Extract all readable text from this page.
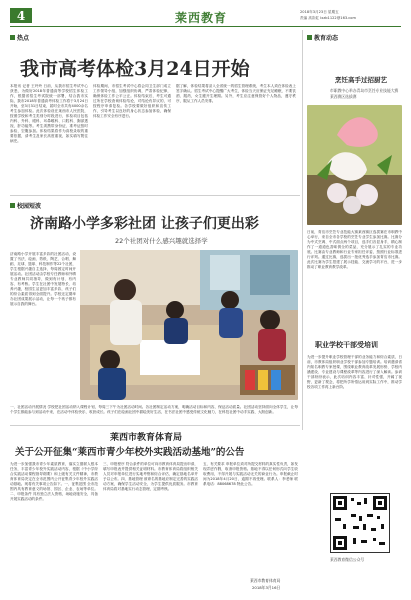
4	莱西教育	2018年3月23日 星期五
责编 高彩虹 lxzb1122@163.com
热点
我市高考体检3月24日开始
本报讯 记者 王玲玲 日前，从我市招生考试中心获悉，为做好2018年普通高等学校招生体检工作，根据省招生考试院统一部署，结合我市实际，我市2018年普通高考体检工作将于3月24日开始，至3月31日结束，届时全市共有4000余名考生参加体检。此次体检设在莱西市人民医院，按照学校和考生类别分时段进行，体检项目包括内科、外科、眼科、耳鼻喉科、口腔科、胸部透视、肝功能等。考生须携带身份证、准考证按时参检，空腹参加。体检结果将作为高校录取的重要依据，请考生及家长高度重视，如实填写既往病史。
体检期间，市招生考试中心将会同卫生部门成立工作领导小组，加强组织协调，严肃体检纪律，确保体检工作公平公正。体检结束后，考生可通过所在学校查询体检结论，对结论有异议的，可按程序申请复检。各学校要做好组织和宣传工作，引导考生以良好的身心状态参加体检，确保体检工作安全有序进行。
据了解，体检结果将录入全省统一的招生管理系统，考生本人须在体检表上签字确认。招生考试中心提醒广大考生，体检当天应保证充足睡眠，不要饮酒、服药，女生避开生理期。另外，考生应注意保管好个人物品，遵守秩序，服从工作人员安排。
校园短波
济南路小学多彩社团 让孩子们更出彩
22个社团对什么感兴趣就选择学
济南路小学开展丰富多彩的社团活动，设置了书法、绘画、剪纸、陶艺、合唱、舞蹈、足球、篮球、科技制作等22个社团，学生根据兴趣自主选择，每周固定时间开展活动。社团活动由学校专任教师和外聘专业教师共同指导，做到有计划、有内容、有考核。学生在社团中发展特长、培养兴趣，校园生活更加丰富多彩，孩子们的综合素质得到全面提升。学校还定期举办社团成果展示活动，让每一个孩子都有展示自我的舞台。
一、社团活动开展情况 学校把社团活动纳入课程计划，每周三下午为社团活动时间。各社团制定活动方案，明确活动目标和内容，保证活动质量。社团活动坚持面向全体学生，让每个学生都能参与到活动中来，在活动中体验快乐、收获成长。孩子们在绘画社团中描绘美好生活，在书法社团中感受传统文化魅力，在科技社团中动手实践、大胆创新。
教育动态
烹饪高手过招厨艺
市职教中心举办青岛市烹饪专业技能大赛莱西赛区选拔赛
日前，青岛市烹饪专业技能大赛莱西赛区选拔赛在市职教中心举行，来自全市各学校的烹饪专业学生参加比赛。比赛分为中式烹调、中式面点两个项目，选手们各显身手，精心制作了一道道色香味俱全的菜品，充分展示了扎实的专业功底。比赛由专业教师和行业专家担任评委，按照行业标准进行评判。通过比赛，选拔出一批优秀选手参加青岛市比赛。此次比赛为学生搭建了展示技能、交流学习的平台，进一步推动了职业教育教学改革。
职业学校干部受培训
为进一步提升职业学校管理干部的业务能力和综合素质，日前，市教体局组织职业学校干部参加专题培训。培训邀请省内知名职教专家授课，围绕职业教育改革发展形势、学校内涵建设、专业建设与课程改革等内容进行了深入解读。参训干部纷纷表示，此次培训内容丰富、针对性强，开阔了视野，更新了观念，将把所学所悟运用到实际工作中，推动学校各项工作再上新台阶。
莱西教育微信公众号
莱西市教育体育局
关于公开征集“莱西市青少年校外实践活动基地”的公告
为进一步加强我市青少年素质教育，落实立德树人根本任务，丰富青少年校外实践活动内容，根据《中小学综合实践活动课程指导纲要》和上级有关文件精神，市教育体育局决定在全市范围内公开征集青少年校外实践活动基地。现将有关事项公告如下。一、征集范围 全市范围内具有教育意义的场馆、园区、企业、农场等单位。二、申报条件 具有独立法人资格，场地设施安全，具备开展实践活动的条件。
三、申报程序 符合条件的单位可向市教育体育局提出申请，填写申报表并提供相关证明材料。市教育体育局将组织相关人员对申报单位进行实地考察和综合评估，确定基地名单并予以公布。四、基地管理 被命名的基地应制定完善的实践活动方案，确保学生活动安全，为学生提供优质服务。市教育体育局将对基地实行动态管理，定期考核。
五、有关要求 申报单位须对所提交材料的真实性负责，如发现弄虚作假，取消申报资格。基地不得以任何形式向学生收取费用，不得开展与实践活动无关的商业行为。申报截止时间为2018年4月20日，逾期不再受理。联系人：李老师 联系电话：88068678 特此公告。
莱西市教育体育局
2018年3月16日
